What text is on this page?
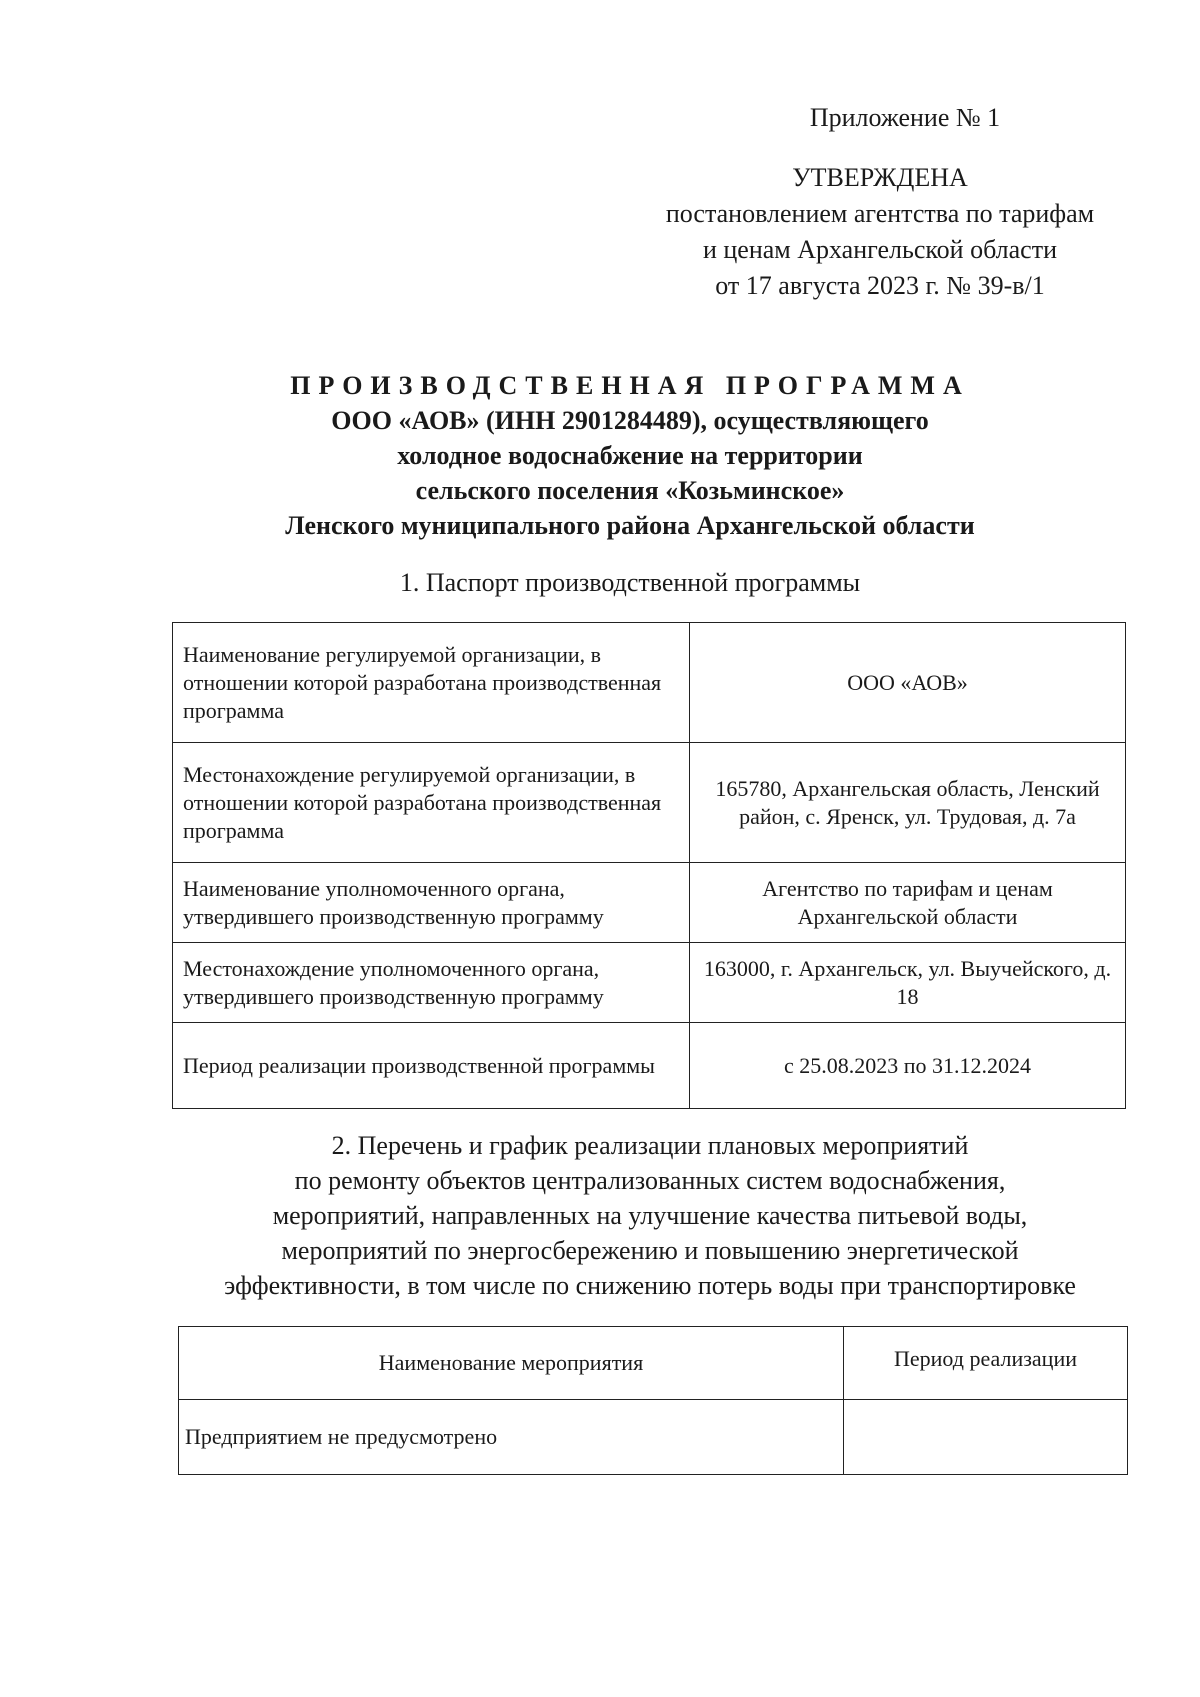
Приложение № 1
УТВЕРЖДЕНА
постановлением агентства по тарифам
и ценам Архангельской области
от 17 августа 2023 г. № 39-в/1
ПРОИЗВОДСТВЕННАЯ ПРОГРАММА
ООО «АОВ» (ИНН 2901284489), осуществляющего
холодное водоснабжение на территории
сельского поселения «Козьминское»
Ленского муниципального района Архангельской области
1. Паспорт производственной программы
Наименование регулируемой организации, в отношении которой разработана производственная программа	ООО «АОВ»
Местонахождение регулируемой организации, в отношении которой разработана производственная программа	165780, Архангельская область, Ленский район, с. Яренск, ул. Трудовая, д. 7а
Наименование уполномоченного органа, утвердившего производственную программу	Агентство по тарифам и ценам Архангельской области
Местонахождение уполномоченного органа, утвердившего производственную программу	163000, г. Архангельск, ул. Выучейского, д. 18
Период реализации производственной программы	с 25.08.2023 по 31.12.2024
2. Перечень и график реализации плановых мероприятий
по ремонту объектов централизованных систем водоснабжения,
мероприятий, направленных на улучшение качества питьевой воды,
мероприятий по энергосбережению и повышению энергетической
эффективности, в том числе по снижению потерь воды при транспортировке
Наименование мероприятия	Период реализации
Предприятием не предусмотрено	
